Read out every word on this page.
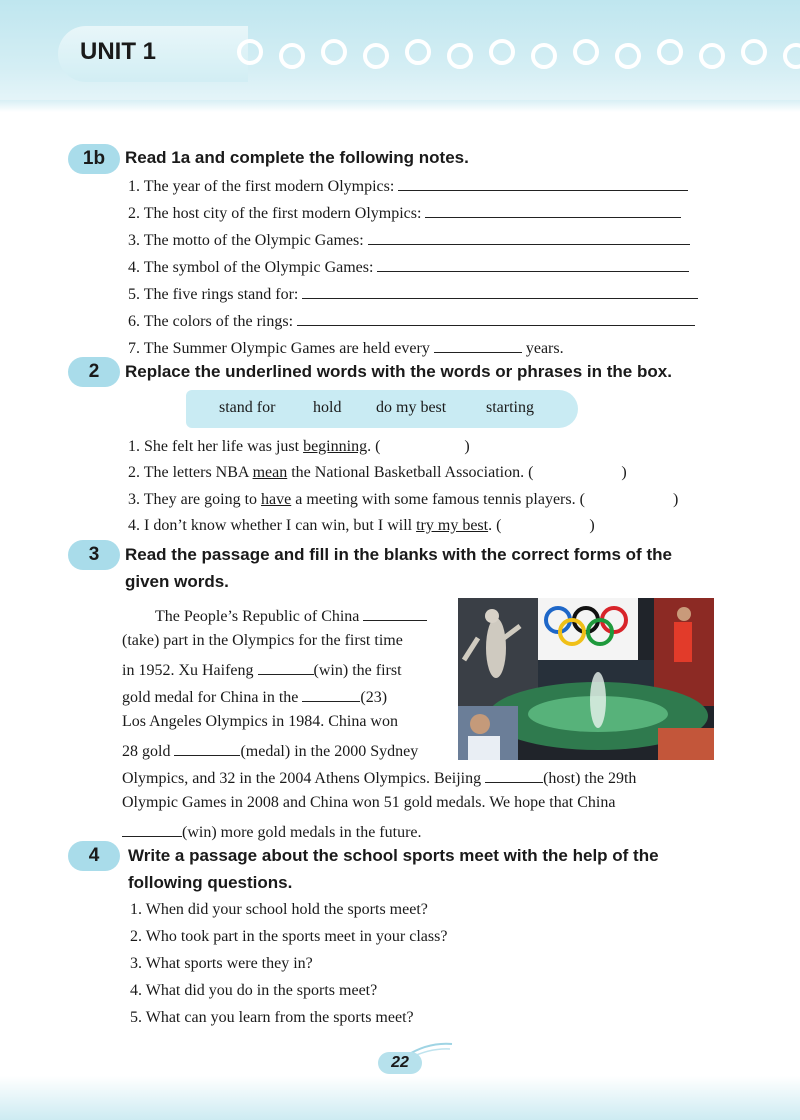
UNIT 1
1b	Read 1a and complete the following notes.
1. The year of the first modern Olympics:
2. The host city of the first modern Olympics:
3. The motto of the Olympic Games:
4. The symbol of the Olympic Games:
5. The five rings stand for:
6. The colors of the rings:
7. The Summer Olympic Games are held every	years.
2	Replace the underlined words with the words or phrases in the box.
stand for hold do my best starting
1. She felt her life was just beginning. (	)
2. The letters NBA mean the National Basketball Association. (	)
3. They are going to have a meeting with some famous tennis players. (	)
4. I don’t know whether I can win, but I will try my best. (	)
3	Read the passage and fill in the blanks with the correct forms of the
given words.
The People’s Republic of China
(take) part in the Olympics for the first time
in 1952. Xu Haifeng	(win) the first
gold medal for China in the	(23)
Los Angeles Olympics in 1984. China won
28 gold	(medal) in the 2000 Sydney
Olympics, and 32 in the 2004 Athens Olympics. Beijing	(host) the 29th
Olympic Games in 2008 and China won 51 gold medals. We hope that China
(win) more gold medals in the future.
4	Write a passage about the school sports meet with the help of the
following questions.
1. When did your school hold the sports meet?
2. Who took part in the sports meet in your class?
3. What sports were they in?
4. What did you do in the sports meet?
5. What can you learn from the sports meet?
22
